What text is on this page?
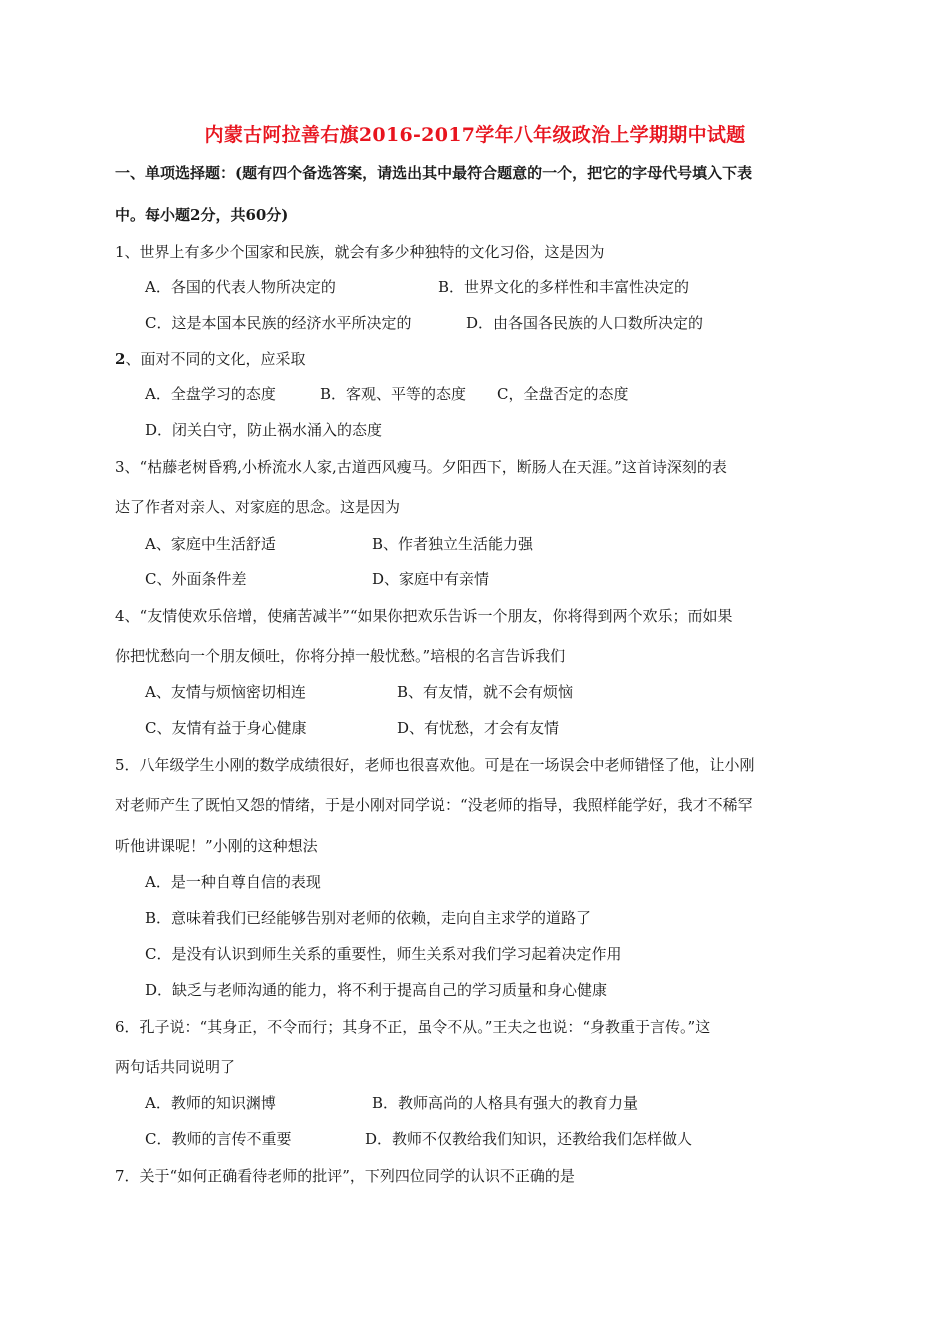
内蒙古阿拉善右旗2016-2017学年八年级政治上学期期中试题
一、单项选择题：(题有四个备选答案，请选出其中最符合题意的一个，把它的字母代号填入下表
中。每小题2分，共60分)
1、世界上有多少个国家和民族，就会有多少种独特的文化习俗，这是因为
A．各国的代表人物所决定的	B．世界文化的多样性和丰富性决定的
C．这是本国本民族的经济水平所决定的	D．由各国各民族的人口数所决定的
2、面对不同的文化，应采取
A．全盘学习的态度	B．客观、平等的态度 C，全盘否定的态度
D．闭关白守，防止祸水涌入的态度
3、“枯藤老树昏鸦,小桥流水人家,古道西风瘦马。夕阳西下，断肠人在天涯。”这首诗深刻的表
达了作者对亲人、对家庭的思念。这是因为
A、家庭中生活舒适	B、作者独立生活能力强
C、外面条件差	D、家庭中有亲情
4、“友情使欢乐倍增，使痛苦减半”“如果你把欢乐告诉一个朋友，你将得到两个欢乐；而如果
你把忧愁向一个朋友倾吐，你将分掉一般忧愁。”培根的名言告诉我们
A、友情与烦恼密切相连	B、有友情，就不会有烦恼
C、友情有益于身心健康	D、有忧愁，才会有友情
5．八年级学生小刚的数学成绩很好，老师也很喜欢他。可是在一场误会中老师错怪了他，让小刚
对老师产生了既怕又怨的情绪，于是小刚对同学说：“没老师的指导，我照样能学好，我才不稀罕
听他讲课呢！”小刚的这种想法
A．是一种自尊自信的表现
B．意味着我们已经能够告别对老师的依赖，走向自主求学的道路了
C．是没有认识到师生关系的重要性，师生关系对我们学习起着决定作用
D．缺乏与老师沟通的能力，将不利于提高自己的学习质量和身心健康
6．孔子说：“其身正，不令而行；其身不正，虽令不从。”王夫之也说：“身教重于言传。”这
两句话共同说明了
A．教师的知识渊博	B．教师高尚的人格具有强大的教育力量
C．教师的言传不重要	D．教师不仅教给我们知识，还教给我们怎样做人
7．关于“如何正确看待老师的批评”，下列四位同学的认识不正确的是
